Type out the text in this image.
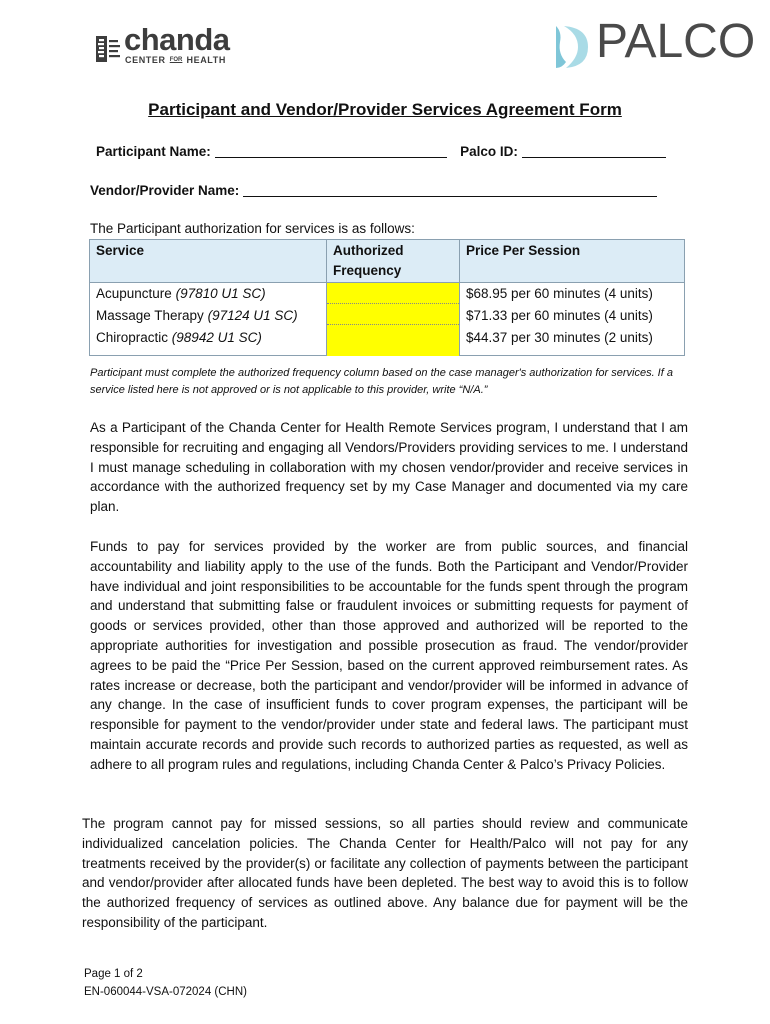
chanda
CENTER $^{FOR}$ HEALTH	PALCO
Participant and Vendor/Provider Services Agreement Form
Participant Name:	Palco ID:
Vendor/Provider Name:
The Participant authorization for services is as follows:
Service	Authorized Frequency	Price Per Session
Acupuncture (97810 U1 SC)		$68.95 per 60 minutes (4 units)
Massage Therapy (97124 U1 SC)		$71.33 per 60 minutes (4 units)
Chiropractic (98942 U1 SC)		$44.37 per 30 minutes (2 units)
Participant must complete the authorized frequency column based on the case manager's authorization for services. If a service listed here is not approved or is not applicable to this provider, write “N/A.”
As a Participant of the Chanda Center for Health Remote Services program, I understand that I am responsible for recruiting and engaging all Vendors/Providers providing services to me. I understand I must manage scheduling in collaboration with my chosen vendor/provider and receive services in accordance with the authorized frequency set by my Case Manager and documented via my care plan.
Funds to pay for services provided by the worker are from public sources, and financial accountability and liability apply to the use of the funds. Both the Participant and Vendor/Provider have individual and joint responsibilities to be accountable for the funds spent through the program and understand that submitting false or fraudulent invoices or submitting requests for payment of goods or services provided, other than those approved and authorized will be reported to the appropriate authorities for investigation and possible prosecution as fraud. The vendor/provider agrees to be paid the “Price Per Session, based on the current approved reimbursement rates. As rates increase or decrease, both the participant and vendor/provider will be informed in advance of any change. In the case of insufficient funds to cover program expenses, the participant will be responsible for payment to the vendor/provider under state and federal laws. The participant must maintain accurate records and provide such records to authorized parties as requested, as well as adhere to all program rules and regulations, including Chanda Center & Palco’s Privacy Policies.
The program cannot pay for missed sessions, so all parties should review and communicate individualized cancelation policies. The Chanda Center for Health/Palco will not pay for any treatments received by the provider(s) or facilitate any collection of payments between the participant and vendor/provider after allocated funds have been depleted. The best way to avoid this is to follow the authorized frequency of services as outlined above. Any balance due for payment will be the responsibility of the participant.
Page 1 of 2
EN-060044-VSA-072024 (CHN)
